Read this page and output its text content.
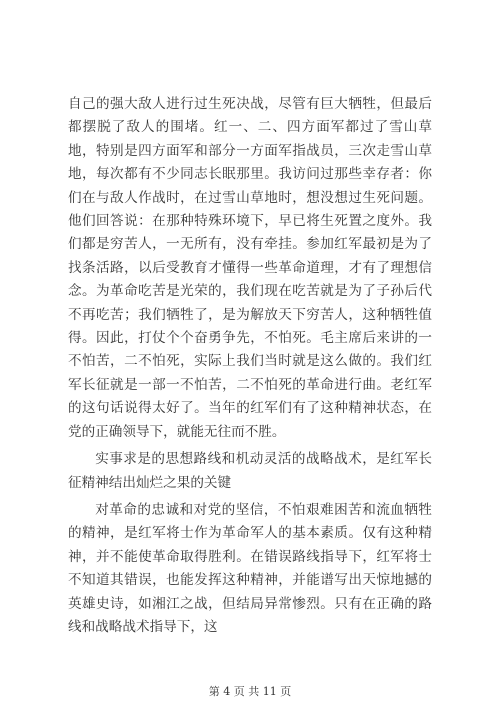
自己的强大敌人进行过生死决战，尽管有巨大牺牲，但最后都摆脱了敌人的围堵。红一、二、四方面军都过了雪山草地，特别是四方面军和部分一方面军指战员，三次走雪山草地，每次都有不少同志长眠那里。我访问过那些幸存者：你们在与敌人作战时，在过雪山草地时，想没想过生死问题。他们回答说：在那种特殊环境下，早已将生死置之度外。我们都是穷苦人，一无所有，没有牵挂。参加红军最初是为了找条活路，以后受教育才懂得一些革命道理，才有了理想信念。为革命吃苦是光荣的，我们现在吃苦就是为了子孙后代不再吃苦；我们牺牲了，是为解放天下穷苦人，这种牺牲值得。因此，打仗个个奋勇争先，不怕死。毛主席后来讲的一不怕苦，二不怕死，实际上我们当时就是这么做的。我们红军长征就是一部一不怕苦，二不怕死的革命进行曲。老红军的这句话说得太好了。当年的红军们有了这种精神状态，在党的正确领导下，就能无往而不胜。

实事求是的思想路线和机动灵活的战略战术，是红军长征精神结出灿烂之果的关键

对革命的忠诚和对党的坚信，不怕艰难困苦和流血牺牲的精神，是红军将士作为革命军人的基本素质。仅有这种精神，并不能使革命取得胜利。在错误路线指导下，红军将士不知道其错误，也能发挥这种精神，并能谱写出天惊地撼的英雄史诗，如湘江之战，但结局异常惨烈。只有在正确的路线和战略战术指导下，这

第 4 页 共 11 页
